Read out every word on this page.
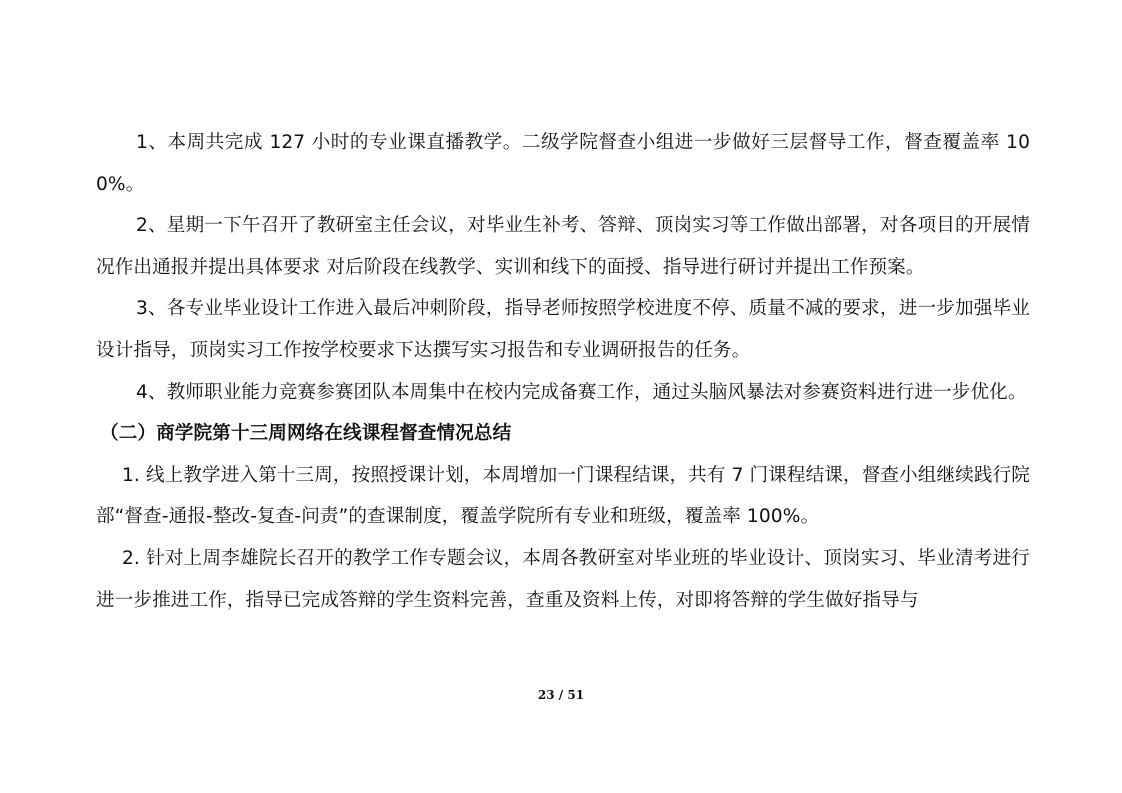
1、本周共完成 127 小时的专业课直播教学。二级学院督查小组进一步做好三层督导工作，督查覆盖率 100%。

2、星期一下午召开了教研室主任会议，对毕业生补考、答辩、顶岗实习等工作做出部署，对各项目的开展情况作出通报并提出具体要求 对后阶段在线教学、实训和线下的面授、指导进行研讨并提出工作预案。

3、各专业毕业设计工作进入最后冲刺阶段，指导老师按照学校进度不停、质量不减的要求，进一步加强毕业设计指导，顶岗实习工作按学校要求下达撰写实习报告和专业调研报告的任务。

4、教师职业能力竞赛参赛团队本周集中在校内完成备赛工作，通过头脑风暴法对参赛资料进行进一步优化。

（二）商学院第十三周网络在线课程督查情况总结

1. 线上教学进入第十三周，按照授课计划，本周增加一门课程结课，共有 7 门课程结课，督查小组继续践行院部“督查-通报-整改-复查-问责”的查课制度，覆盖学院所有专业和班级，覆盖率 100%。

2. 针对上周李雄院长召开的教学工作专题会议，本周各教研室对毕业班的毕业设计、顶岗实习、毕业清考进行进一步推进工作，指导已完成答辩的学生资料完善，查重及资料上传，对即将答辩的学生做好指导与

23 / 51
